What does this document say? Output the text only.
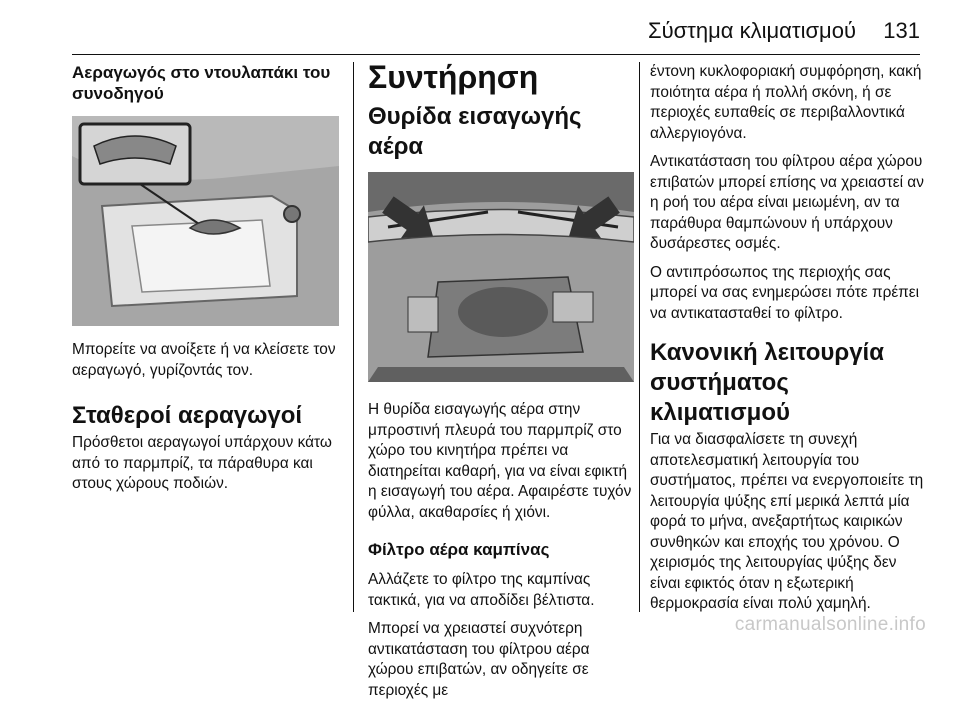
Σύστημα κλιματισμού 131
Αεραγωγός στο ντουλαπάκι του συνοδηγού

Μπορείτε να ανοίξετε ή να κλείσετε τον αεραγωγό, γυρίζοντάς τον.

Σταθεροί αεραγωγοί

Πρόσθετοι αεραγωγοί υπάρχουν κάτω από το παρμπρίζ, τα πάραθυρα και στους χώρους ποδιών.

Συντήρηση
Θυρίδα εισαγωγής αέρα

Η θυρίδα εισαγωγής αέρα στην μπροστινή πλευρά του παρμπρίζ στο χώρο του κινητήρα πρέπει να διατηρείται καθαρή, για να είναι εφικτή η εισαγωγή του αέρα. Αφαιρέστε τυχόν φύλλα, ακαθαρσίες ή χιόνι.

Φίλτρο αέρα καμπίνας

Αλλάζετε το φίλτρο της καμπίνας τακτικά, για να αποδίδει βέλτιστα.

Μπορεί να χρειαστεί συχνότερη αντικατάσταση του φίλτρου αέρα χώρου επιβατών, αν οδηγείτε σε περιοχές με

έντονη κυκλοφοριακή συμφόρηση, κακή ποιότητα αέρα ή πολλή σκόνη, ή σε περιοχές ευπαθείς σε περιβαλλοντικά αλλεργιογόνα.

Αντικατάσταση του φίλτρου αέρα χώρου επιβατών μπορεί επίσης να χρειαστεί αν η ροή του αέρα είναι μειωμένη, αν τα παράθυρα θαμπώνουν ή υπάρχουν δυσάρεστες οσμές.

Ο αντιπρόσωπος της περιοχής σας μπορεί να σας ενημερώσει πότε πρέπει να αντικατασταθεί το φίλτρο.

Κανονική λειτουργία συστήματος κλιματισμού

Για να διασφαλίσετε τη συνεχή αποτελεσματική λειτουργία του συστήματος, πρέπει να ενεργοποιείτε τη λειτουργία ψύξης επί μερικά λεπτά μία φορά το μήνα, ανεξαρτήτως καιρικών συνθηκών και εποχής του χρόνου. Ο χειρισμός της λειτουργίας ψύξης δεν είναι εφικτός όταν η εξωτερική θερμοκρασία είναι πολύ χαμηλή.

carmanualsonline.info
